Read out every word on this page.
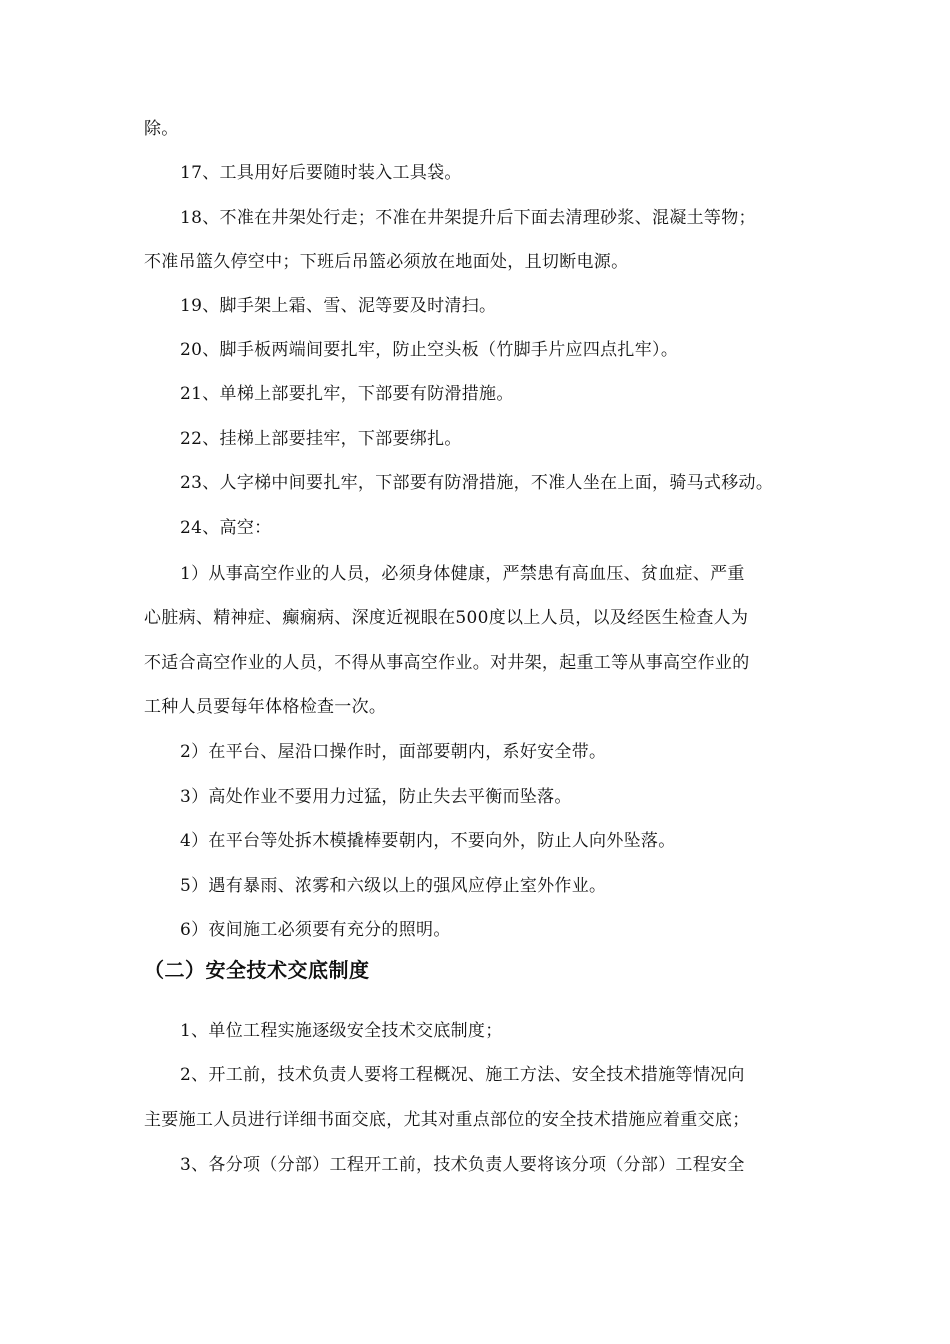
除。
17、工具用好后要随时装入工具袋。
18、不准在井架处行走；不准在井架提升后下面去清理砂浆、混凝土等物；
不准吊篮久停空中；下班后吊篮必须放在地面处，且切断电源。
19、脚手架上霜、雪、泥等要及时清扫。
20、脚手板两端间要扎牢，防止空头板（竹脚手片应四点扎牢）。
21、单梯上部要扎牢，下部要有防滑措施。
22、挂梯上部要挂牢，下部要绑扎。
23、人字梯中间要扎牢，下部要有防滑措施，不准人坐在上面，骑马式移动。
24、高空：
1）从事高空作业的人员，必须身体健康，严禁患有高血压、贫血症、严重
心脏病、精神症、癫痫病、深度近视眼在500度以上人员，以及经医生检查人为
不适合高空作业的人员，不得从事高空作业。对井架，起重工等从事高空作业的
工种人员要每年体格检查一次。
2）在平台、屋沿口操作时，面部要朝内，系好安全带。
3）高处作业不要用力过猛，防止失去平衡而坠落。
4）在平台等处拆木模撬棒要朝内，不要向外，防止人向外坠落。
5）遇有暴雨、浓雾和六级以上的强风应停止室外作业。
6）夜间施工必须要有充分的照明。
（二）安全技术交底制度
1、单位工程实施逐级安全技术交底制度；
2、开工前，技术负责人要将工程概况、施工方法、安全技术措施等情况向
主要施工人员进行详细书面交底，尤其对重点部位的安全技术措施应着重交底；
3、各分项（分部）工程开工前，技术负责人要将该分项（分部）工程安全
